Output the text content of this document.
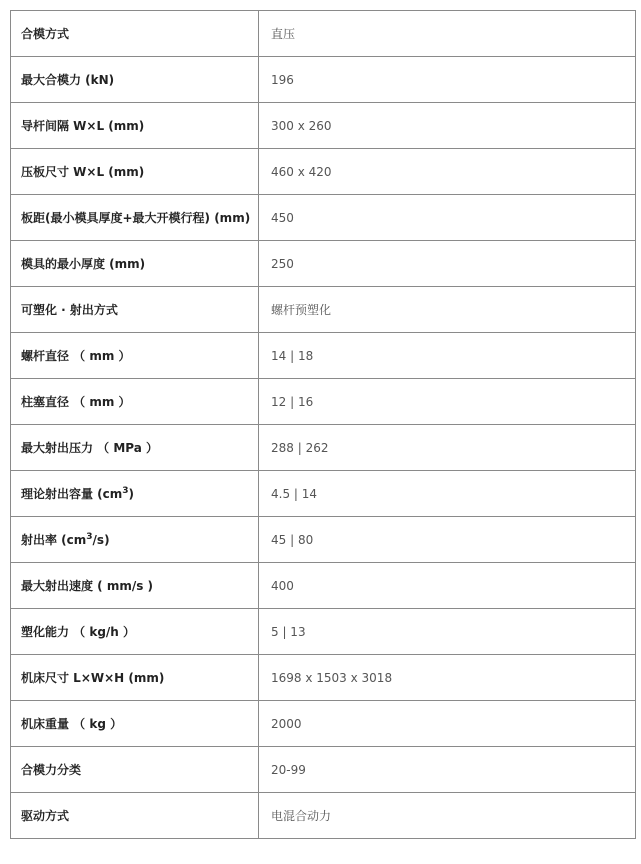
合模方式	直压
最大合模力 (kN)	196
导杆间隔 W×L (mm)	300 x 260
压板尺寸 W×L (mm)	460 x 420
板距(最小模具厚度+最大开模行程) (mm)	450
模具的最小厚度 (mm)	250
可塑化 · 射出方式	螺杆预塑化
螺杆直径 （ mm ）	14 | 18
柱塞直径 （ mm ）	12 | 16
最大射出压力 （ MPa ）	288 | 262
理论射出容量 $(cm^3)$	4.5 | 14
射出率 $(cm^3/s)$	45 | 80
最大射出速度 ( mm/s )	400
塑化能力 （ kg/h ）	5 | 13
机床尺寸 L×W×H (mm)	1698 x 1503 x 3018
机床重量 （ kg ）	2000
合模力分类	20-99
驱动方式	电混合动力
